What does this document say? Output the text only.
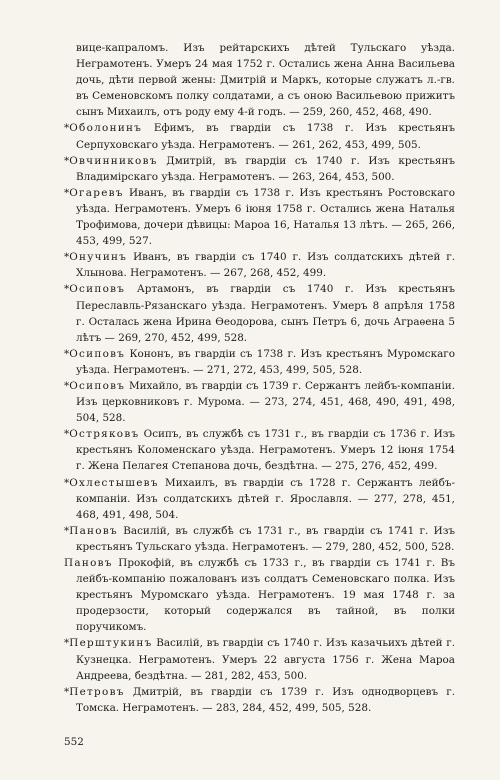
вице-капраломъ. Изъ рейтарскихъ дѣтей Тульскаго уѣзда. Неграмотенъ. Умеръ 24 мая 1752 г. Остались жена Анна Васильева дочь, дѣти первой жены: Дмитрій и Маркъ, которые служатъ л.-гв. въ Семеновскомъ полку солдатами, а съ оною Васильевою прижитъ сынъ Михаилъ, отъ роду ему 4-й годъ. — 259, 260, 452, 468, 490.

*Оболонинъ Ефимъ, въ гвардіи съ 1738 г. Изъ крестьянъ Серпуховскаго уѣзда. Неграмотенъ. — 261, 262, 453, 499, 505.

*Овчинниковъ Дмитрій, въ гвардіи съ 1740 г. Изъ крестьянъ Владимірскаго уѣзда. Неграмотенъ. — 263, 264, 453, 500.

*Огаревъ Иванъ, въ гвардіи съ 1738 г. Изъ крестьянъ Ростовскаго уѣзда. Неграмотенъ. Умеръ 6 іюня 1758 г. Остались жена Наталья Трофимова, дочери дѣвицы: Мароа 16, Наталья 13 лѣтъ. — 265, 266, 453, 499, 527.

*Онучинъ Иванъ, въ гвардіи съ 1740 г. Изъ солдатскихъ дѣтей г. Хлынова. Неграмотенъ. — 267, 268, 452, 499.

*Осиповъ Артамонъ, въ гвардіи съ 1740 г. Изъ крестьянъ Переславль-Рязанскаго уѣзда. Неграмотенъ. Умеръ 8 апрѣля 1758 г. Осталась жена Ирина Өеодорова, сынъ Петръ 6, дочь Аграѳена 5 лѣтъ — 269, 270, 452, 499, 528.

*Осиповъ Кононъ, въ гвардіи съ 1738 г. Изъ крестьянъ Муромскаго уѣзда. Неграмотенъ. — 271, 272, 453, 499, 505, 528.

*Осиповъ Михайло, въ гвардіи съ 1739 г. Сержантъ лейбъ-компаніи. Изъ церковниковъ г. Мурома. — 273, 274, 451, 468, 490, 491, 498, 504, 528.

*Остряковъ Осипъ, въ службѣ съ 1731 г., въ гвардіи съ 1736 г. Изъ крестьянъ Коломенскаго уѣзда. Неграмотенъ. Умеръ 12 іюня 1754 г. Жена Пелагея Степанова дочь, бездѣтна. — 275, 276, 452, 499.

*Охлестышевъ Михаилъ, въ гвардіи съ 1728 г. Сержантъ лейбъ-компаніи. Изъ солдатскихъ дѣтей г. Ярославля. — 277, 278, 451, 468, 491, 498, 504.

*Пановъ Василій, въ службѣ съ 1731 г., въ гвардіи съ 1741 г. Изъ крестьянъ Тульскаго уѣзда. Неграмотенъ. — 279, 280, 452, 500, 528.

Пановъ Прокофій, въ службѣ съ 1733 г., въ гвардіи съ 1741 г. Въ лейбъ-компанію пожалованъ изъ солдатъ Семеновскаго полка. Изъ крестьянъ Муромскаго уѣзда. Неграмотенъ. 19 мая 1748 г. за продерзости, который содержался въ тайной, въ полки поручикомъ.

*Перштукинъ Василій, въ гвардіи съ 1740 г. Изъ казачьихъ дѣтей г. Кузнецка. Неграмотенъ. Умеръ 22 августа 1756 г. Жена Мароа Андреева, бездѣтна. — 281, 282, 453, 500.

*Петровъ Дмитрій, въ гвардіи съ 1739 г. Изъ однодворцевъ г. Томска. Неграмотенъ. — 283, 284, 452, 499, 505, 528.

552
